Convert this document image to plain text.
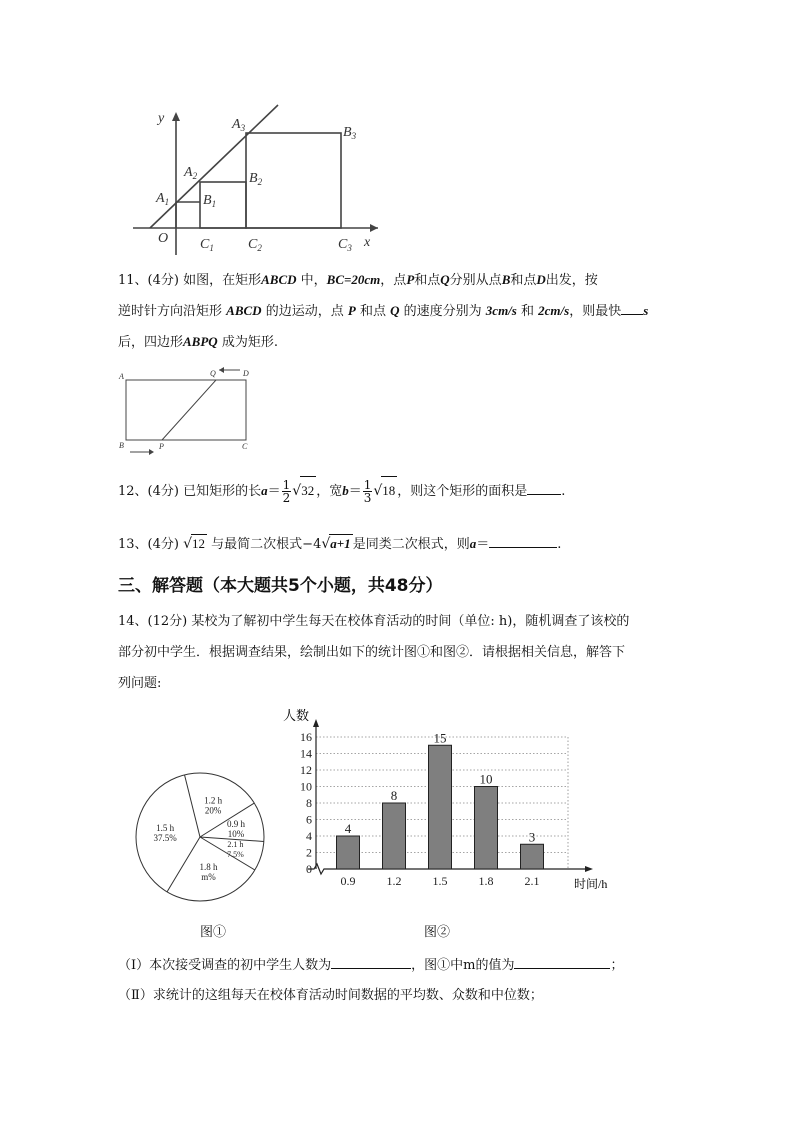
y
x
O
$A_1$
$A_2$
$A_3$
$B_1$
$B_2$
$B_3$
$C_1$ $C_2$	$C_3$
11、(4分) 如图，在矩形ABCD 中，BC=20cm，点P和点Q分别从点B和点D出发，按
逆时针方向沿矩形 ABCD 的边运动，点 P 和点 Q 的速度分别为 3cm/s 和 2cm/s，则最快 s
后，四边形ABPQ 成为矩形.
A	Q	D
B	P	C
12、(4分) 已知矩形的长$a= \frac{1}{2} √32$ ，宽$b= \frac{1}{3} √18$ ，则这个矩形的面积是	.
13、(4分) √12 与最简二次根式−4√a+1 是同类二次根式，则a＝	.
三、解答题（本大题共5个小题，共48分）
14、(12分) 某校为了解初中学生每天在校体育活动的时间（单位: h)，随机调查了该校的
部分初中学生．根据调查结果，绘制出如下的统计图①和图②．请根据相关信息，解答下
列问题:
1.2 h
20%
0.9 h
10%
2.1 h
7.5%
1.8 h
m%
1.5 h
37.5%
图①
0
2
4
6
8
10
12
14
16
4
0.9
8
1.2
15
1.5
10
1.8
3
2.1
人数
时间/h
图②
（Ⅰ）本次接受调查的初中学生人数为	，图①中m的值为	；
（Ⅱ）求统计的这组每天在校体育活动时间数据的平均数、众数和中位数；
